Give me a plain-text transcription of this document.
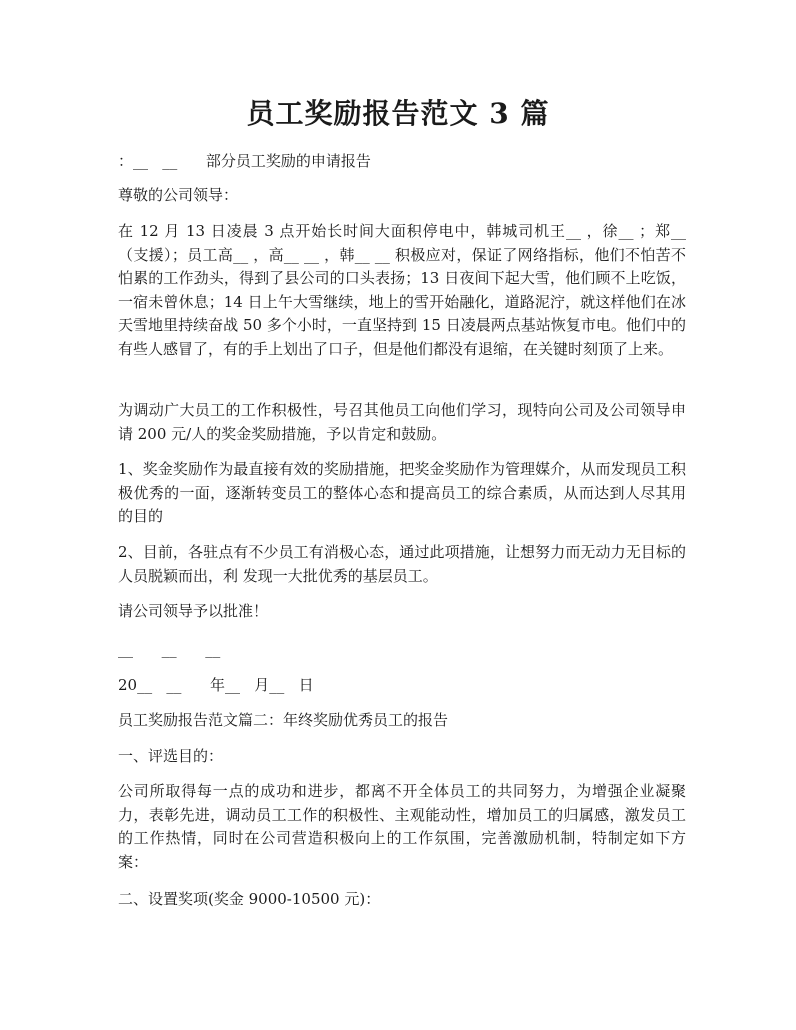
员工奖励报告范文 3 篇

：__   __      部分员工奖励的申请报告

尊敬的公司领导：

在 12 月 13 日凌晨 3 点开始长时间大面积停电中，韩城司机王__ ，徐__ ；郑__ （支援）；员工高__ ，高__ __ ，韩__ __ 积极应对，保证了网络指标，他们不怕苦不怕累的工作劲头，得到了县公司的口头表扬；13 日夜间下起大雪，他们顾不上吃饭，一宿未曾休息；14 日上午大雪继续，地上的雪开始融化，道路泥泞，就这样他们在冰天雪地里持续奋战 50 多个小时，一直坚持到 15 日凌晨两点基站恢复市电。他们中的有些人感冒了，有的手上划出了口子，但是他们都没有退缩，在关键时刻顶了上来。

为调动广大员工的工作积极性，号召其他员工向他们学习，现特向公司及公司领导申请 200 元/人的奖金奖励措施，予以肯定和鼓励。

1、奖金奖励作为最直接有效的奖励措施，把奖金奖励作为管理媒介，从而发现员工积极优秀的一面，逐渐转变员工的整体心态和提高员工的综合素质，从而达到人尽其用的目的

2、目前，各驻点有不少员工有消极心态，通过此项措施，让想努力而无动力无目标的人员脱颖而出，利 发现一大批优秀的基层员工。

请公司领导予以批准！

__      __      __

20__   __      年__   月__   日

员工奖励报告范文篇二：年终奖励优秀员工的报告

一、评选目的：

公司所取得每一点的成功和进步，都离不开全体员工的共同努力，为增强企业凝聚力，表彰先进，调动员工工作的积极性、主观能动性，增加员工的归属感，激发员工的工作热情，同时在公司营造积极向上的工作氛围，完善激励机制，特制定如下方案：

二、设置奖项(奖金 9000-10500 元)：
